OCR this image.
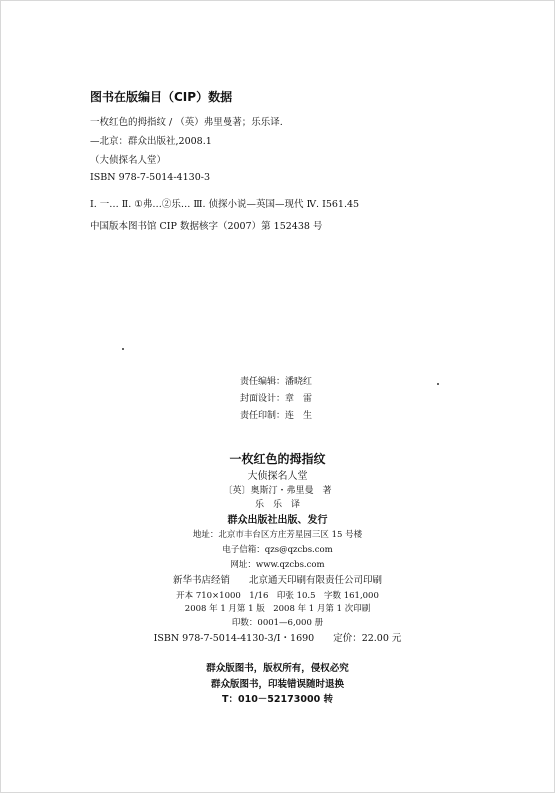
图书在版编目（CIP）数据
一枚红色的拇指纹 / （英）弗里曼著；乐乐译.
—北京：群众出版社,2008.1
（大侦探名人堂）
ISBN 978-7-5014-4130-3
Ⅰ. 一… Ⅱ. ①弗…②乐… Ⅲ. 侦探小说—英国—现代 Ⅳ. I561.45
中国版本图书馆 CIP 数据核字（2007）第 152438 号
责任编辑：潘晓红
封面设计：章　雷
责任印制：连　生
一枚红色的拇指纹
大侦探名人堂
〔英〕奥斯汀・弗里曼　著
乐　乐　译
群众出版社出版、发行
地址：北京市丰台区方庄芳星园三区 15 号楼
电子信箱：qzs@qzcbs.com
网址：www.qzcbs.com
新华书店经销　　北京通天印刷有限责任公司印刷
开本 710×1000　1/16　印张 10.5　字数 161,000
2008 年 1 月第 1 版　2008 年 1 月第 1 次印刷
印数：0001—6,000 册
ISBN 978-7-5014-4130-3/I・1690　　定价：22.00 元
群众版图书，版权所有，侵权必究
群众版图书，印装错误随时退换
T：010－52173000 转
